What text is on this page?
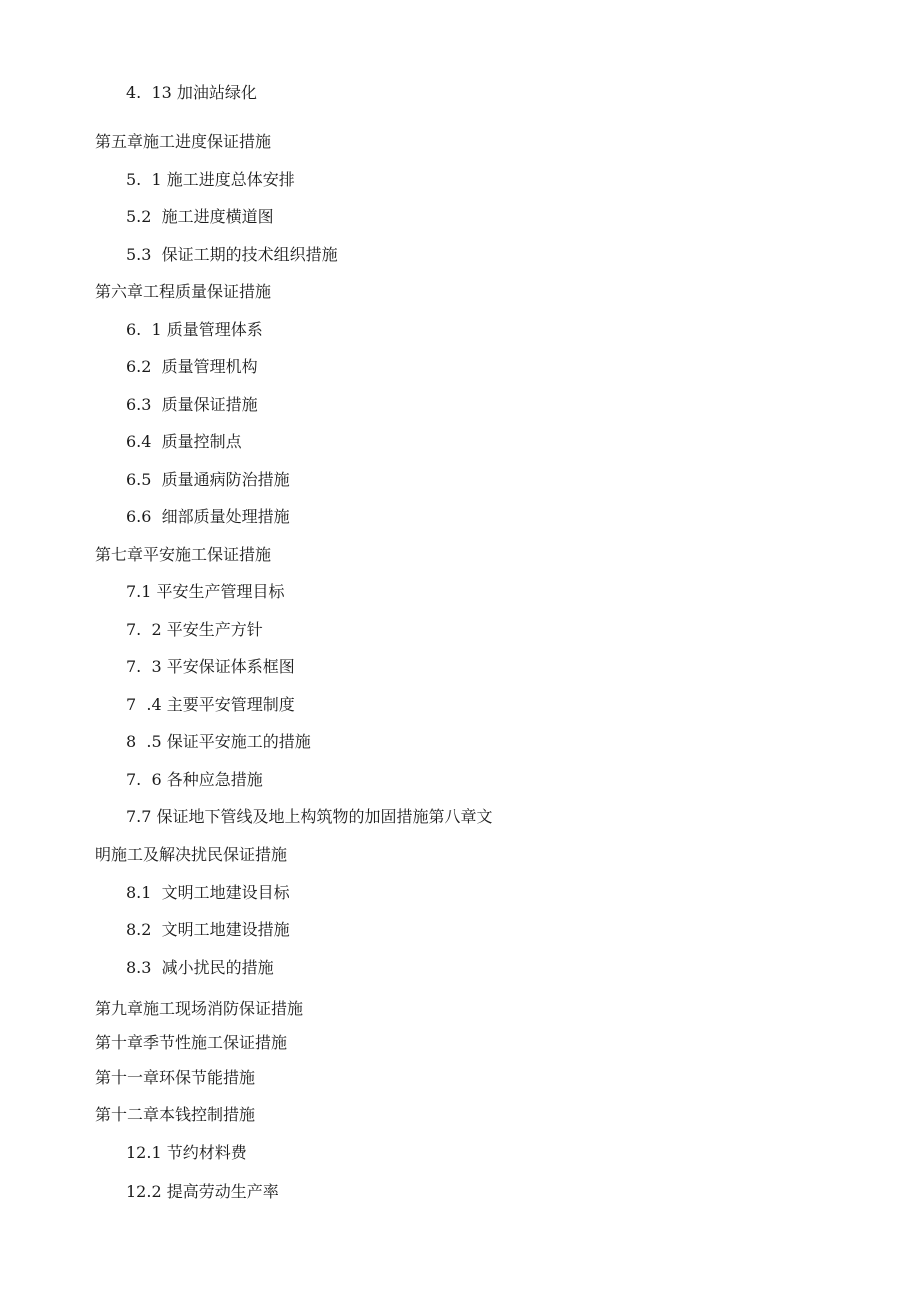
4.  13 加油站绿化
第五章施工进度保证措施
5.  1 施工进度总体安排
5.2  施工进度横道图
5.3  保证工期的技术组织措施
第六章工程质量保证措施
6.  1 质量管理体系
6.2  质量管理机构
6.3  质量保证措施
6.4  质量控制点
6.5  质量通病防治措施
6.6  细部质量处理措施
第七章平安施工保证措施
7.1 平安生产管理目标
7.  2 平安生产方针
7.  3 平安保证体系框图
7  .4 主要平安管理制度
8  .5 保证平安施工的措施
7.  6 各种应急措施
7.7 保证地下管线及地上构筑物的加固措施第八章文
明施工及解决扰民保证措施
8.1  文明工地建设目标
8.2  文明工地建设措施
8.3  减小扰民的措施
第九章施工现场消防保证措施
第十章季节性施工保证措施
第十一章环保节能措施
第十二章本钱控制措施
12.1 节约材料费
12.2 提高劳动生产率
